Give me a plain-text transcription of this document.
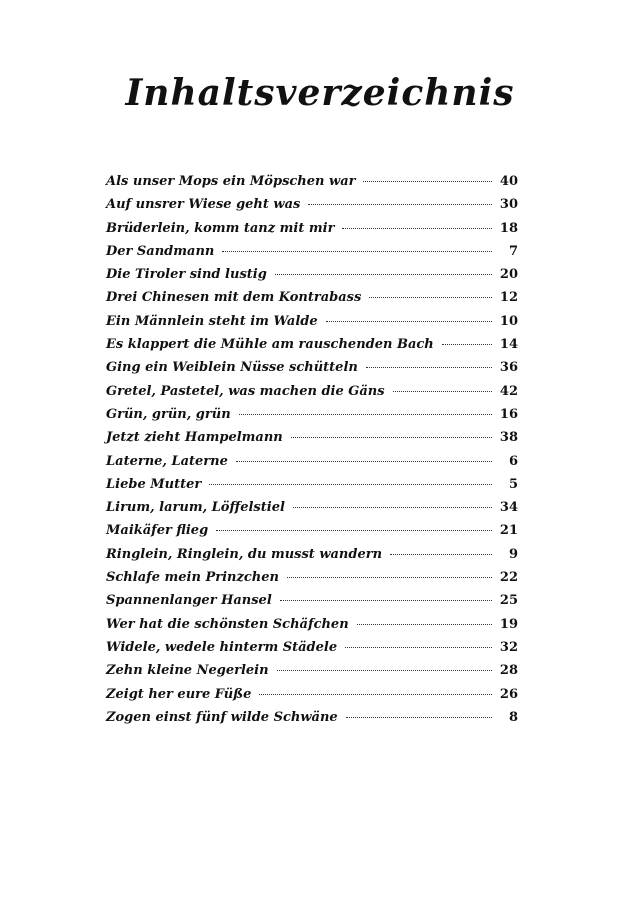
Inhaltsverzeichnis
Als unser Mops ein Möpschen war	40
Auf unsrer Wiese geht was	30
Brüderlein, komm tanz mit mir	18
Der Sandmann	7
Die Tiroler sind lustig	20
Drei Chinesen mit dem Kontrabass	12
Ein Männlein steht im Walde	10
Es klappert die Mühle am rauschenden Bach	14
Ging ein Weiblein Nüsse schütteln	36
Gretel, Pastetel, was machen die Gäns	42
Grün, grün, grün	16
Jetzt zieht Hampelmann	38
Laterne, Laterne	6
Liebe Mutter	5
Lirum, larum, Löffelstiel	34
Maikäfer flieg	21
Ringlein, Ringlein, du musst wandern	9
Schlafe mein Prinzchen	22
Spannenlanger Hansel	25
Wer hat die schönsten Schäfchen	19
Widele, wedele hinterm Städele	32
Zehn kleine Negerlein	28
Zeigt her eure Füße	26
Zogen einst fünf wilde Schwäne	8
